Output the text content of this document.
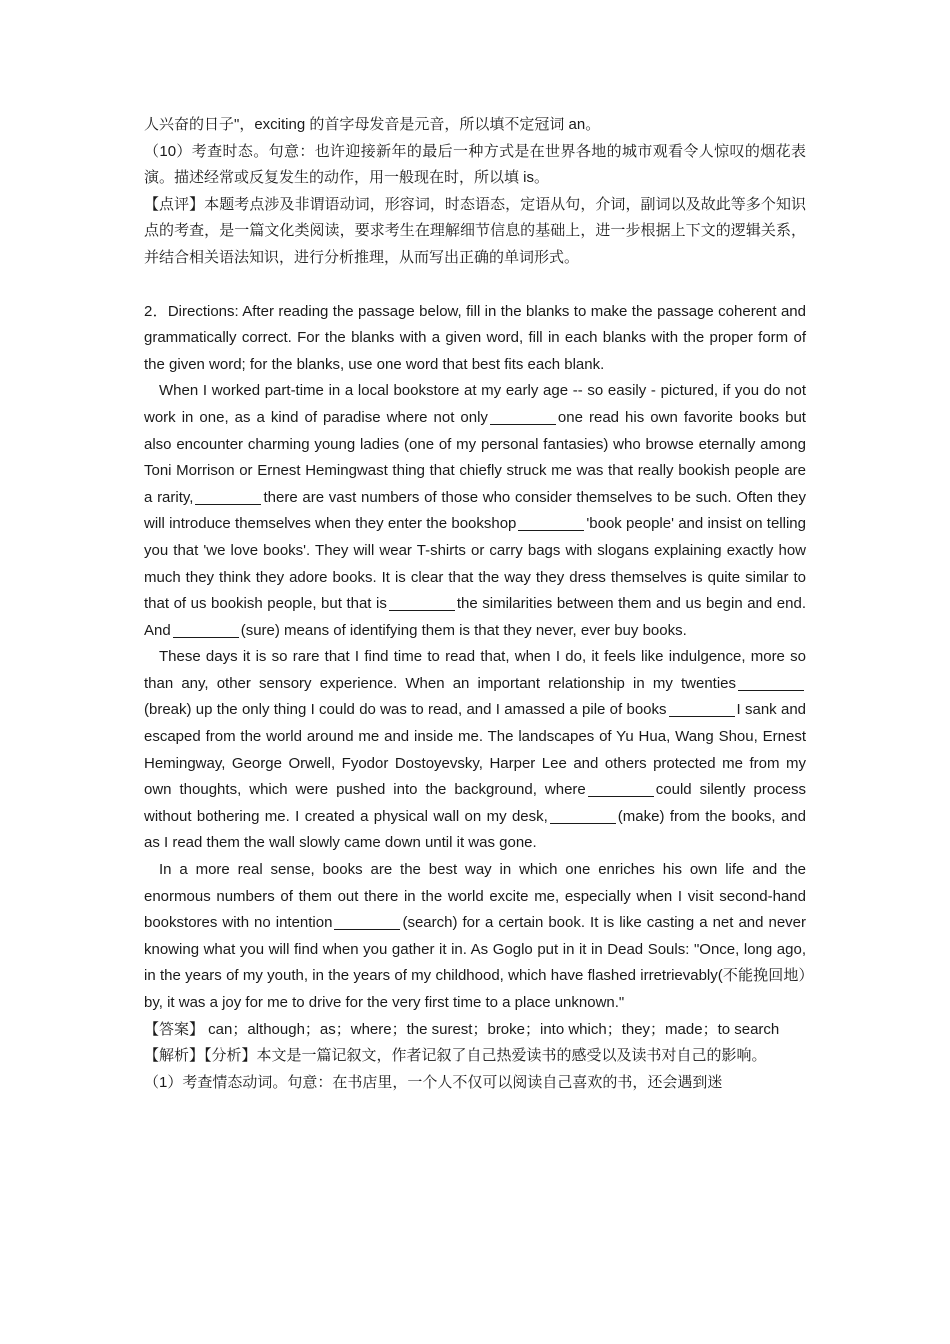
人兴奋的日子"，exciting 的首字母发音是元音，所以填不定冠词 an。

（10）考查时态。句意：也许迎接新年的最后一种方式是在世界各地的城市观看令人惊叹的烟花表演。描述经常或反复发生的动作，用一般现在时，所以填 is。

【点评】本题考点涉及非谓语动词，形容词，时态语态，定语从句，介词，副词以及故此等多个知识点的考查，是一篇文化类阅读，要求考生在理解细节信息的基础上，进一步根据上下文的逻辑关系，并结合相关语法知识，进行分析推理，从而写出正确的单词形式。

2．Directions: After reading the passage below, fill in the blanks to make the passage coherent and grammatically correct. For the blanks with a given word, fill in each blanks with the proper form of the given word; for the blanks, use one word that best fits each blank.

When I worked part-time in a local bookstore at my early age -- so easily - pictured, if you do not work in one, as a kind of paradise where not only	one read his own favorite books but also encounter charming young ladies (one of my personal fantasies) who browse eternally among Toni Morrison or Ernest Hemingwast thing that chiefly struck me was that really bookish people are a rarity,	there are vast numbers of those who consider themselves to be such. Often they will introduce themselves when they enter the bookshop	'book people' and insist on telling you that 'we love books'. They will wear T-shirts or carry bags with slogans explaining exactly how much they think they adore books. It is clear that the way they dress themselves is quite similar to that of us bookish people, but that is	the similarities between them and us begin and end. And	(sure) means of identifying them is that they never, ever buy books.

These days it is so rare that I find time to read that, when I do, it feels like indulgence, more so than any, other sensory experience. When an important relationship in my twenties(break) up the only thing I could do was to read, and I amassed a pile of books	I sank and escaped from the world around me and inside me. The landscapes of Yu Hua, Wang Shou, Ernest Hemingway, George Orwell, Fyodor Dostoyevsky, Harper Lee and others protected me from my own thoughts, which were pushed into the background, where	could silently process without bothering me. I created a physical wall on my desk,	(make) from the books, and as I read them the wall slowly came down until it was gone.

In a more real sense, books are the best way in which one enriches his own life and the enormous numbers of them out there in the world excite me, especially when I visit second-hand bookstores with no intention	(search) for a certain book. It is like casting a net and never knowing what you will find when you gather it in. As Goglo put in it in Dead Souls: "Once, long ago, in the years of my youth, in the years of my childhood, which have flashed irretrievably(不能挽回地）by, it was a joy for me to drive for the very first time to a place unknown."

【答案】 can；although；as；where；the surest；broke；into which；they；made；to search

【解析】【分析】本文是一篇记叙文，作者记叙了自己热爱读书的感受以及读书对自己的影响。

（1）考查情态动词。句意：在书店里，一个人不仅可以阅读自己喜欢的书，还会遇到迷
